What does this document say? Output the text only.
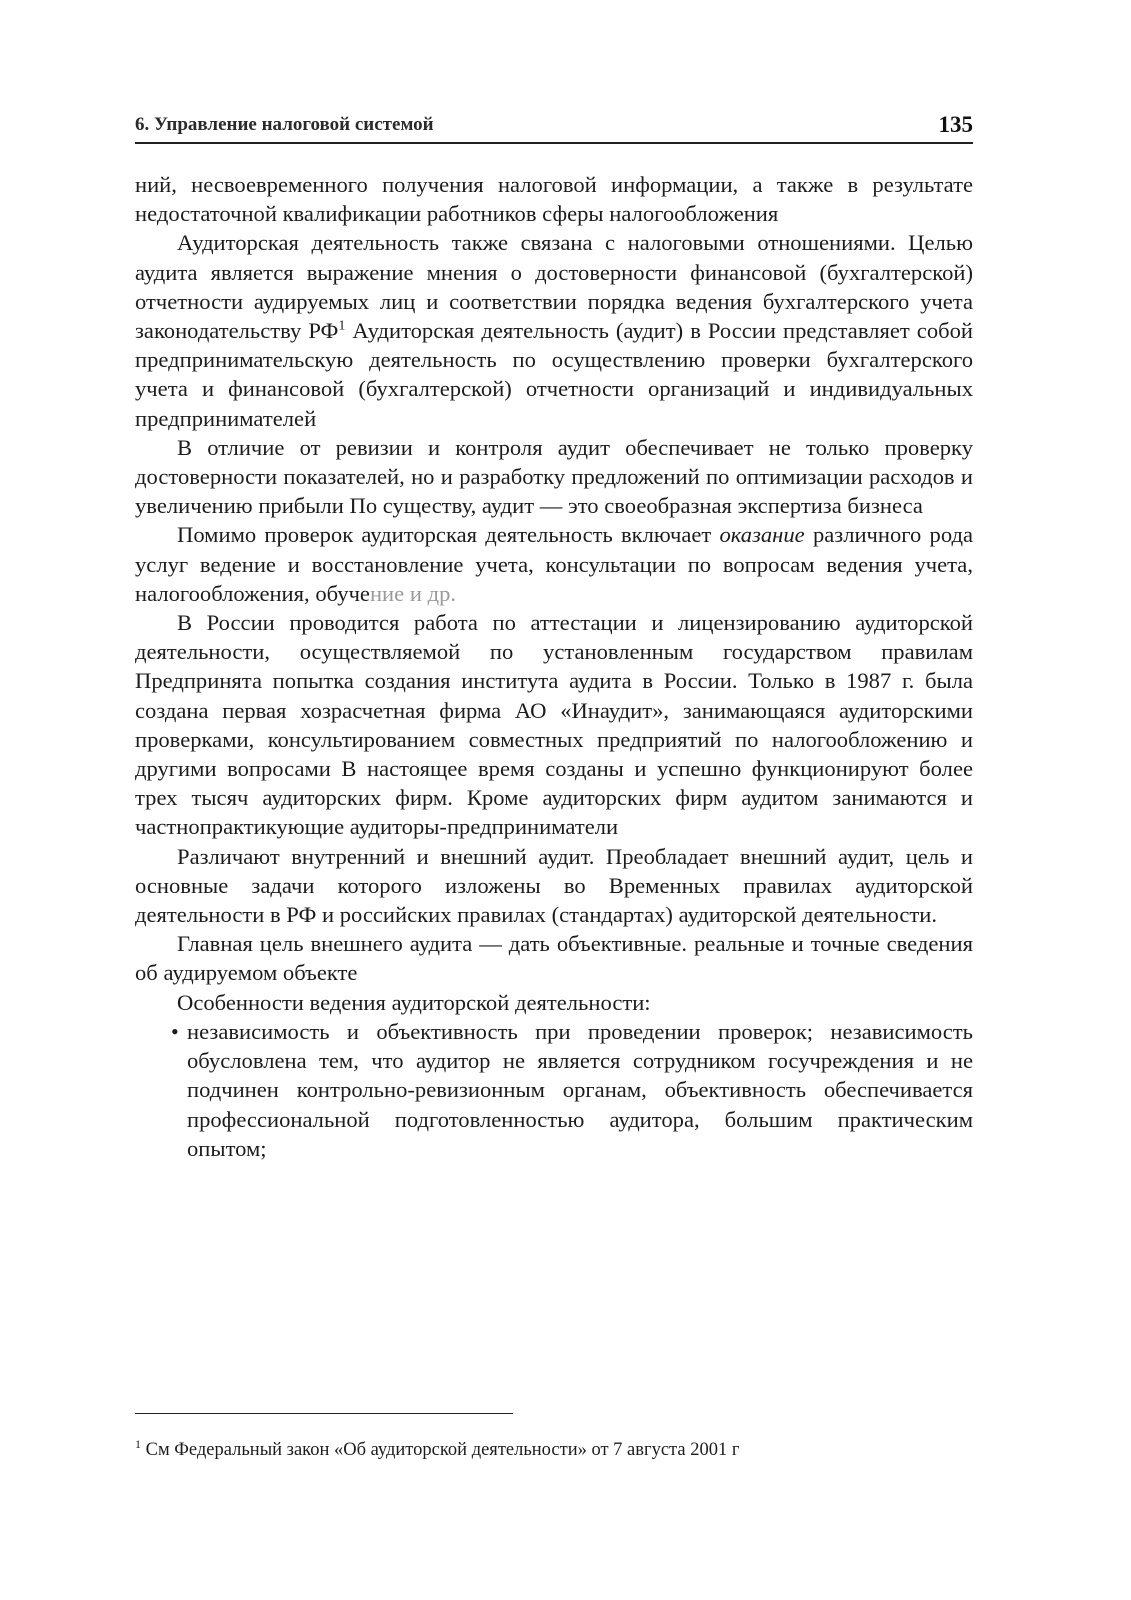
6. Управление налоговой системой	135

ний, несвоевременного получения налоговой информации, а также в результате недостаточной квалификации работников сферы налогообложения

Аудиторская деятельность также связана с налоговыми отношениями. Целью аудита является выражение мнения о достоверности финансовой (бухгалтерской) отчетности аудируемых лиц и соответствии порядка ведения бухгалтерского учета законодательству $РФ^1$ Аудиторская деятельность (аудит) в России представляет собой предпринимательскую деятельность по осуществлению проверки бухгалтерского учета и финансовой (бухгалтерской) отчетности организаций и индивидуальных предпринимателей

В отличие от ревизии и контроля аудит обеспечивает не только проверку достоверности показателей, но и разработку предложений по оптимизации расходов и увеличению прибыли По существу, аудит — это своеобразная экспертиза бизнеса

Помимо проверок аудиторская деятельность включает оказание различного рода услуг ведение и восстановление учета, консультации по вопросам ведения учета, налогообложения, обучение и др.

В России проводится работа по аттестации и лицензированию аудиторской деятельности, осуществляемой по установленным государством правилам Предпринята попытка создания института аудита в России. Только в 1987 г. была создана первая хозрасчетная фирма АО «Инаудит», занимающаяся аудиторскими проверками, консультированием совместных предприятий по налогообложению и другими вопросами В настоящее время созданы и успешно функционируют более трех тысяч аудиторских фирм. Кроме аудиторских фирм аудитом занимаются и частнопрактикующие аудиторы-предприниматели

Различают внутренний и внешний аудит. Преобладает внешний аудит, цель и основные задачи которого изложены во Временных правилах аудиторской деятельности в РФ и российских правилах (стандартах) аудиторской деятельности.

Главная цель внешнего аудита — дать объективные. реальные и точные сведения об аудируемом объекте

Особенности ведения аудиторской деятельности:

• независимость и объективность при проведении проверок; независимость обусловлена тем, что аудитор не является сотрудником госучреждения и не подчинен контрольно-ревизионным органам, объективность обеспечивается профессиональной подготовленностью аудитора, большим практическим опытом;
$^1$ См Федеральный закон «Об аудиторской деятельности» от 7 августа 2001 г
